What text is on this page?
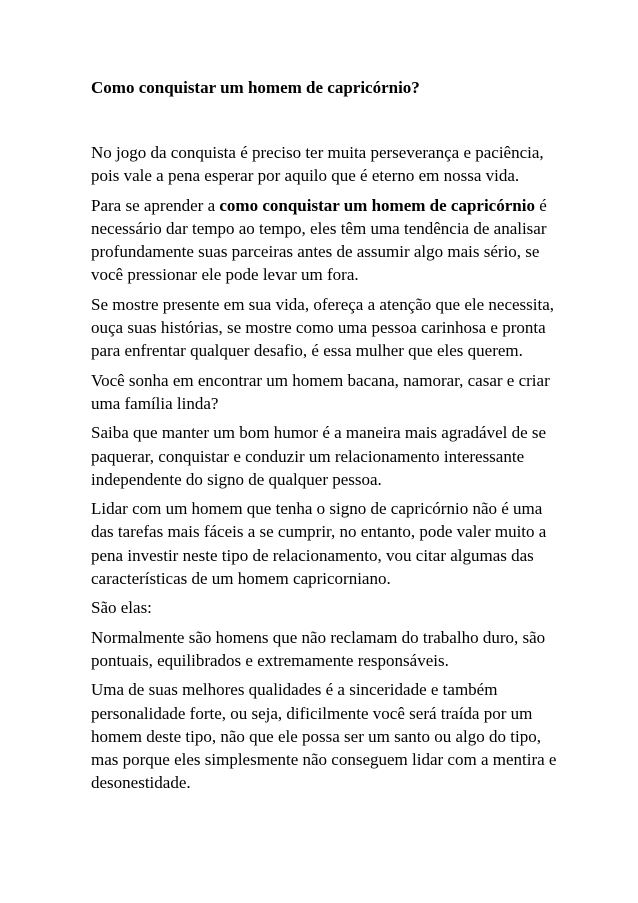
Como conquistar um homem de capricórnio?

No jogo da conquista é preciso ter muita perseverança e paciência, pois vale a pena esperar por aquilo que é eterno em nossa vida.

Para se aprender a como conquistar um homem de capricórnio é necessário dar tempo ao tempo, eles têm uma tendência de analisar profundamente suas parceiras antes de assumir algo mais sério, se você pressionar ele pode levar um fora.

Se mostre presente em sua vida, ofereça a atenção que ele necessita, ouça suas histórias, se mostre como uma pessoa carinhosa e pronta para enfrentar qualquer desafio, é essa mulher que eles querem.

Você sonha em encontrar um homem bacana, namorar, casar e criar uma família linda?

Saiba que manter um bom humor é a maneira mais agradável de se paquerar, conquistar e conduzir um relacionamento interessante independente do signo de qualquer pessoa.

Lidar com um homem que tenha o signo de capricórnio não é uma das tarefas mais fáceis a se cumprir, no entanto, pode valer muito a pena investir neste tipo de relacionamento, vou citar algumas das características de um homem capricorniano.

São elas:

Normalmente são homens que não reclamam do trabalho duro, são pontuais, equilibrados e extremamente responsáveis.

Uma de suas melhores qualidades é a sinceridade e também personalidade forte, ou seja, dificilmente você será traída por um homem deste tipo, não que ele possa ser um santo ou algo do tipo, mas porque eles simplesmente não conseguem lidar com a mentira e desonestidade.
